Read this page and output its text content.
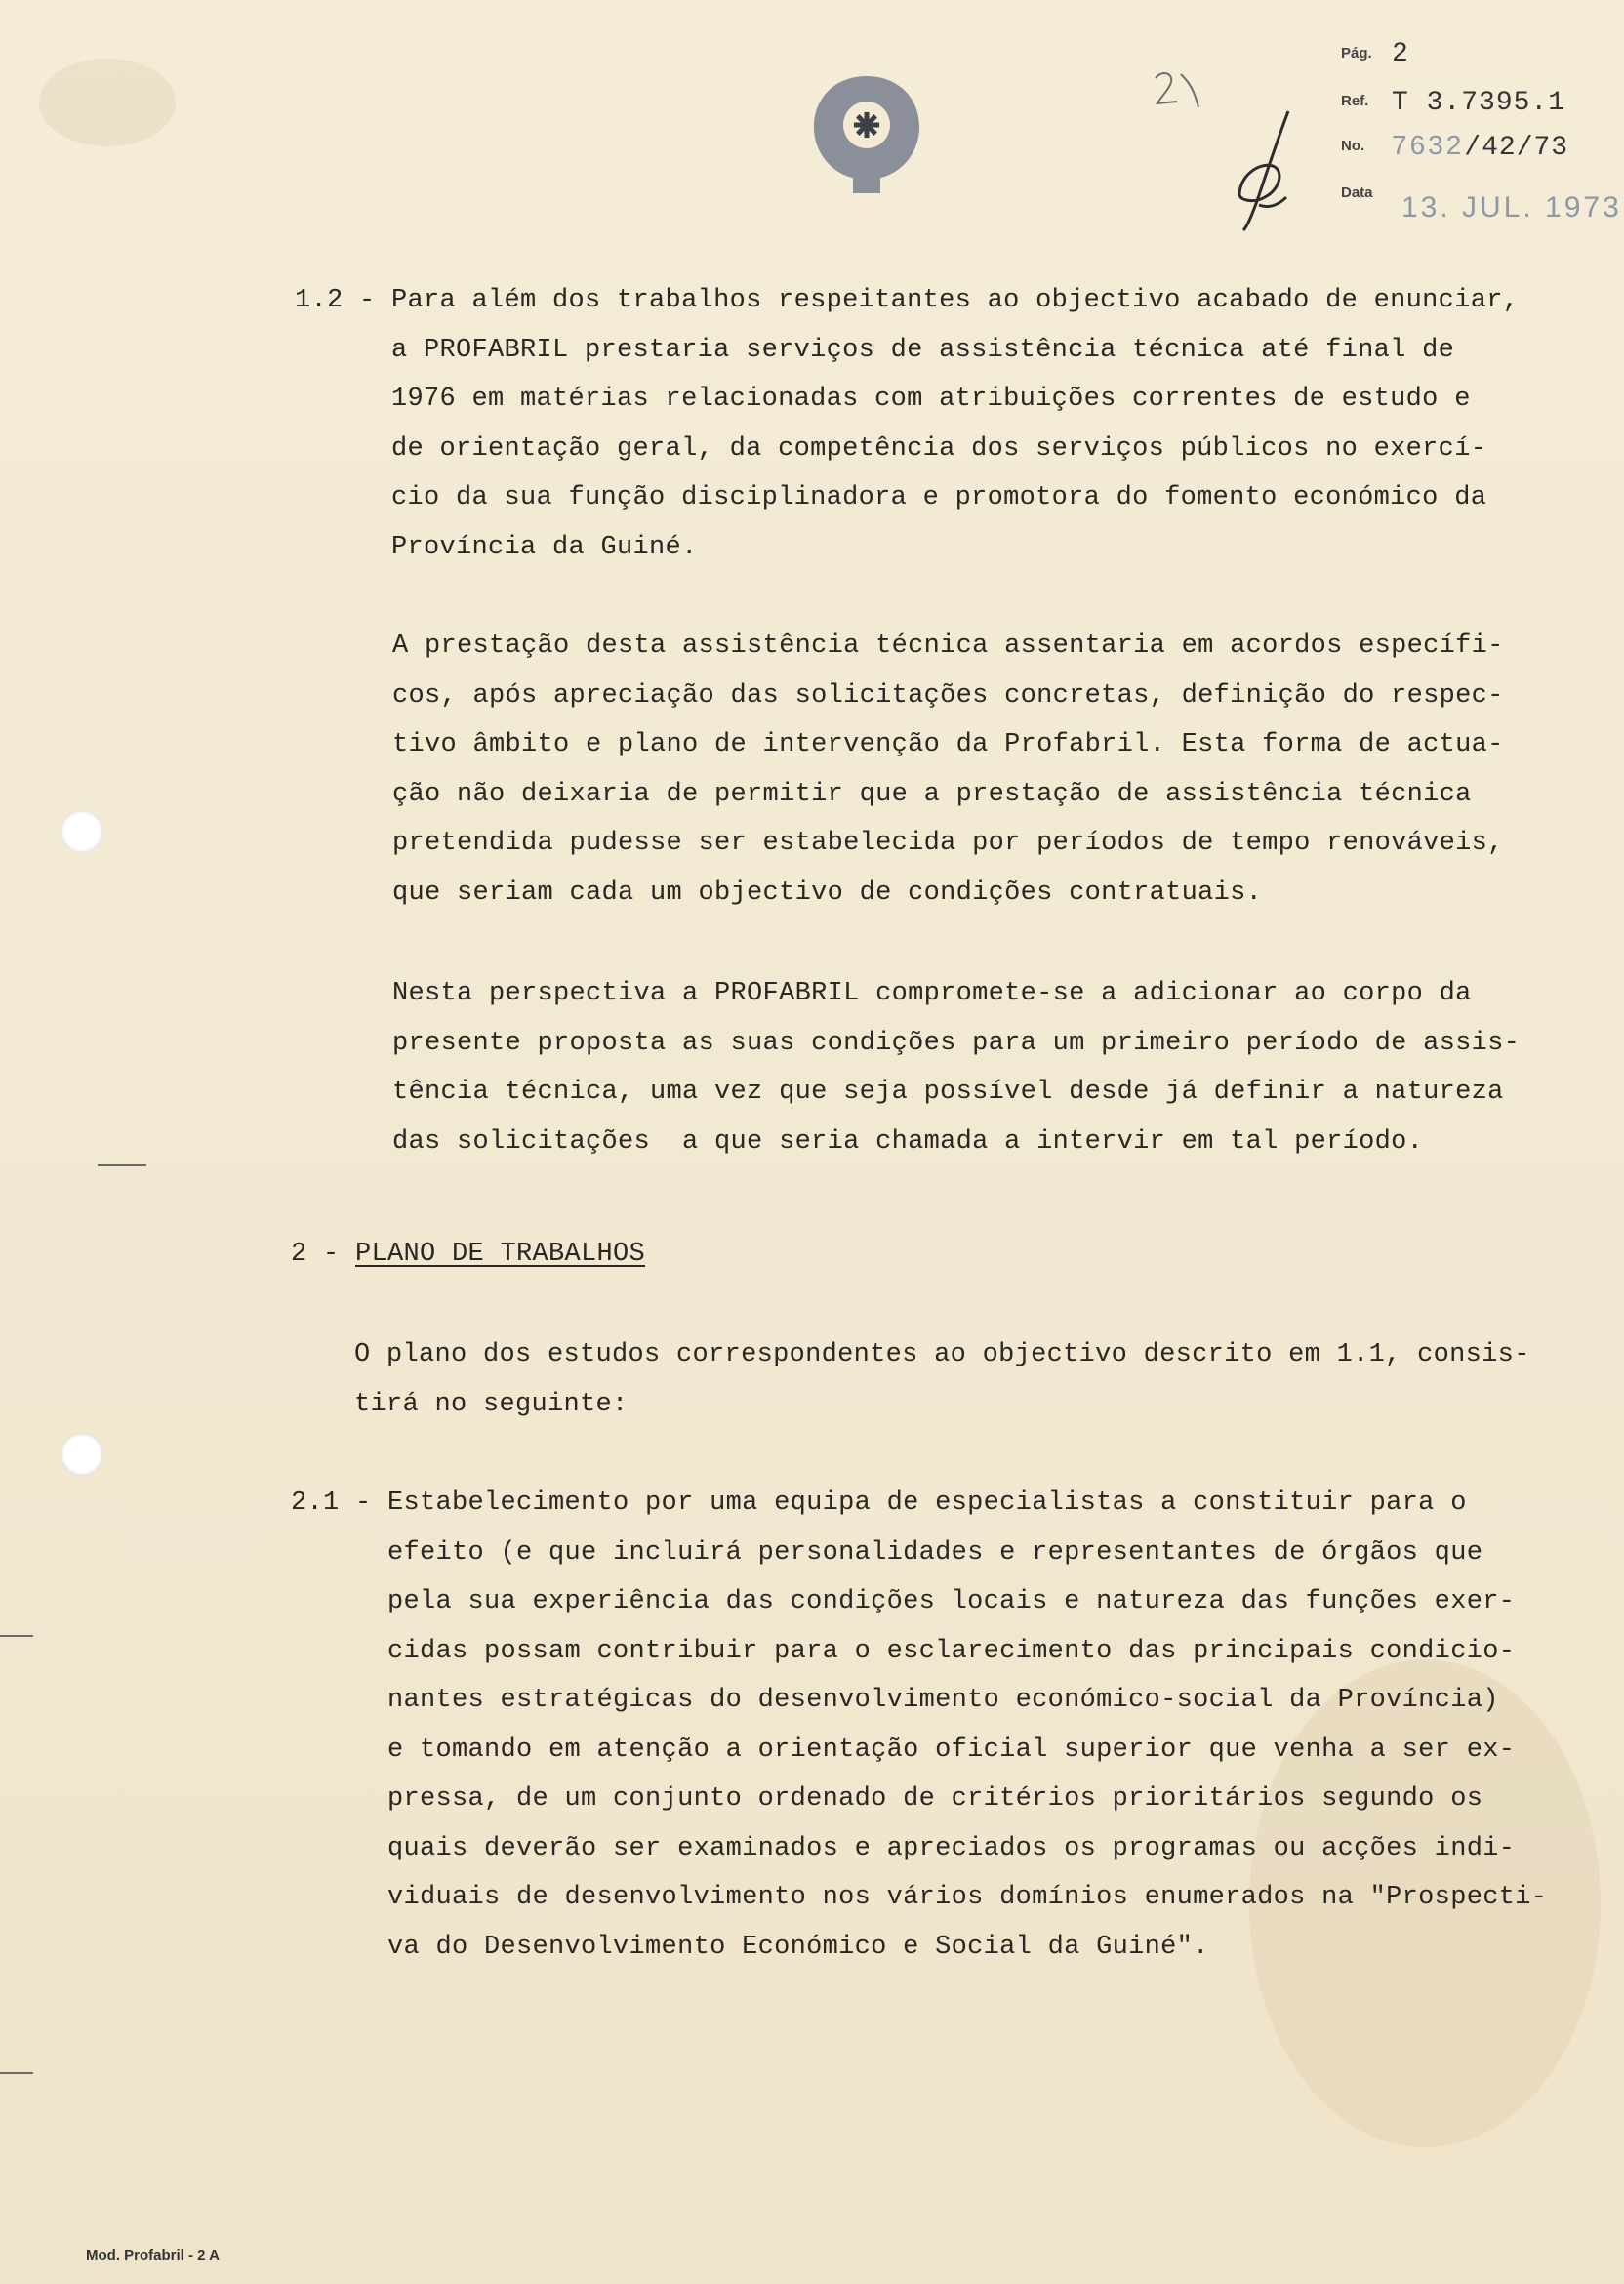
Pág. 2
Ref. T 3.7395.1
No. 7632/42/73
Data 13. JUL. 1973
1.2 - Para além dos trabalhos respeitantes ao objectivo acabado de enunciar,
a PROFABRIL prestaria serviços de assistência técnica até final de
1976 em matérias relacionadas com atribuições correntes de estudo e
de orientação geral, da competência dos serviços públicos no exercí-
cio da sua função disciplinadora e promotora do fomento económico da
Província da Guiné.
A prestação desta assistência técnica assentaria em acordos específi-
cos, após apreciação das solicitações concretas, definição do respec-
tivo âmbito e plano de intervenção da Profabril. Esta forma de actua-
ção não deixaria de permitir que a prestação de assistência técnica
pretendida pudesse ser estabelecida por períodos de tempo renováveis,
que seriam cada um objectivo de condições contratuais.
Nesta perspectiva a PROFABRIL compromete-se a adicionar ao corpo da
presente proposta as suas condições para um primeiro período de assis-
tência técnica, uma vez que seja possível desde já definir a natureza
das solicitações  a que seria chamada a intervir em tal período.
2 - PLANO DE TRABALHOS
O plano dos estudos correspondentes ao objectivo descrito em 1.1, consis-
tirá no seguinte:
2.1 - Estabelecimento por uma equipa de especialistas a constituir para o
efeito (e que incluirá personalidades e representantes de órgãos que
pela sua experiência das condições locais e natureza das funções exer-
cidas possam contribuir para o esclarecimento das principais condicio-
nantes estratégicas do desenvolvimento económico-social da Província)
e tomando em atenção a orientação oficial superior que venha a ser ex-
pressa, de um conjunto ordenado de critérios prioritários segundo os
quais deverão ser examinados e apreciados os programas ou acções indi-
viduais de desenvolvimento nos vários domínios enumerados na "Prospecti-
va do Desenvolvimento Económico e Social da Guiné".
Mod. Profabril - 2 A
